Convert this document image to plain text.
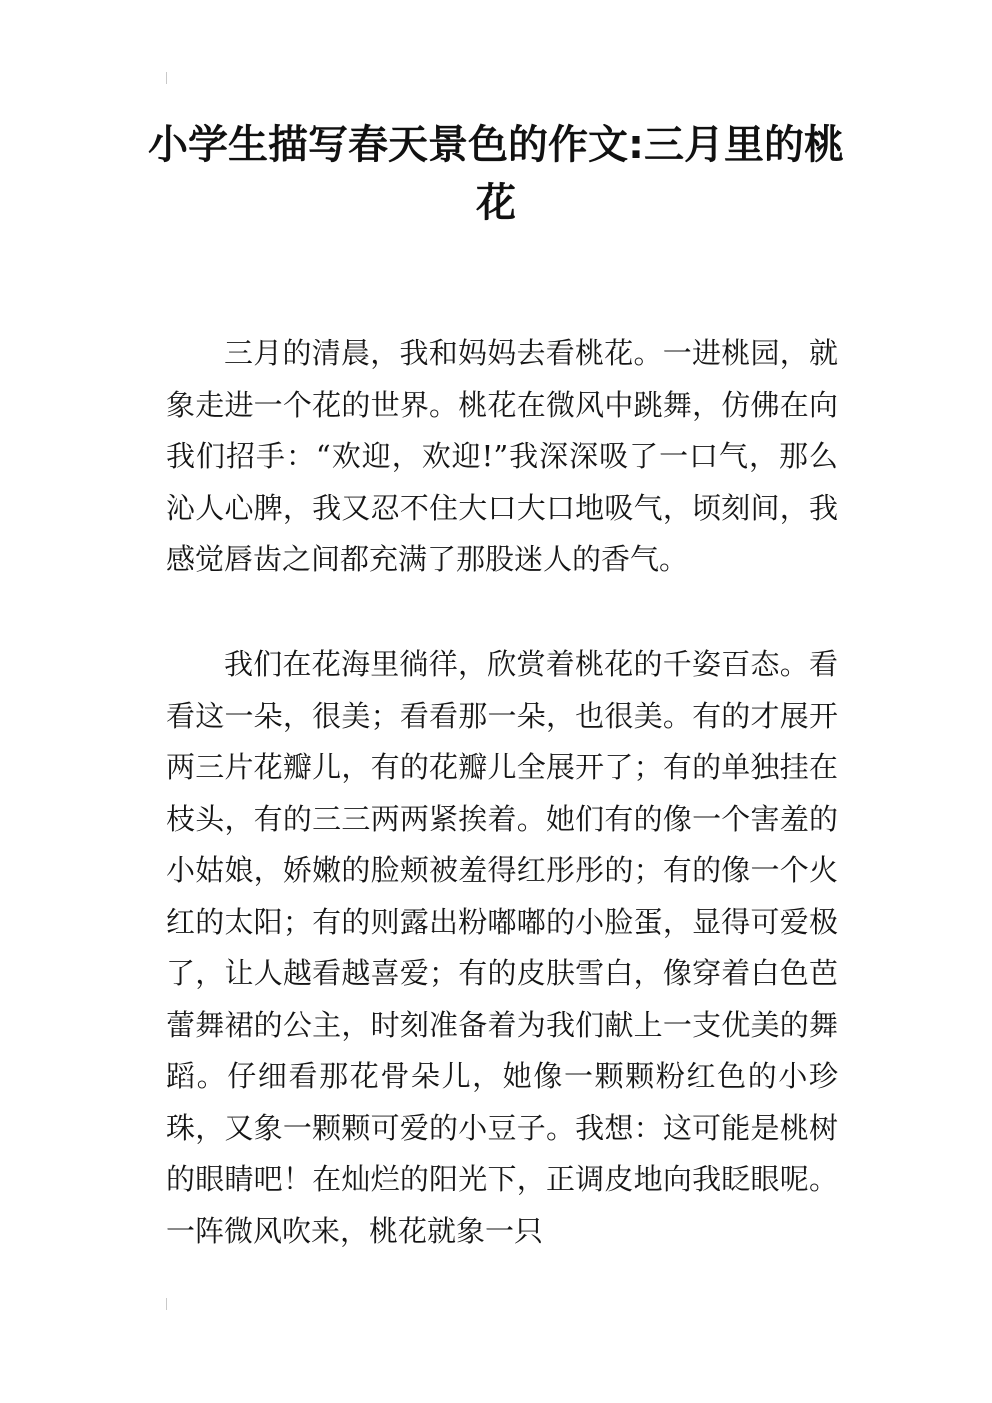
小学生描写春天景色的作文:三月里的桃花

三月的清晨，我和妈妈去看桃花。一进桃园，就象走进一个花的世界。桃花在微风中跳舞，仿佛在向我们招手：“欢迎，欢迎!”我深深吸了一口气，那么沁人心脾，我又忍不住大口大口地吸气，顷刻间，我感觉唇齿之间都充满了那股迷人的香气。

我们在花海里徜徉，欣赏着桃花的千姿百态。看看这一朵，很美；看看那一朵，也很美。有的才展开两三片花瓣儿，有的花瓣儿全展开了；有的单独挂在枝头，有的三三两两紧挨着。她们有的像一个害羞的小姑娘，娇嫩的脸颊被羞得红彤彤的；有的像一个火红的太阳；有的则露出粉嘟嘟的小脸蛋，显得可爱极了，让人越看越喜爱；有的皮肤雪白，像穿着白色芭蕾舞裙的公主，时刻准备着为我们献上一支优美的舞蹈。仔细看那花骨朵儿，她像一颗颗粉红色的小珍珠，又象一颗颗可爱的小豆子。我想：这可能是桃树的眼睛吧！在灿烂的阳光下，正调皮地向我眨眼呢。一阵微风吹来，桃花就象一只
